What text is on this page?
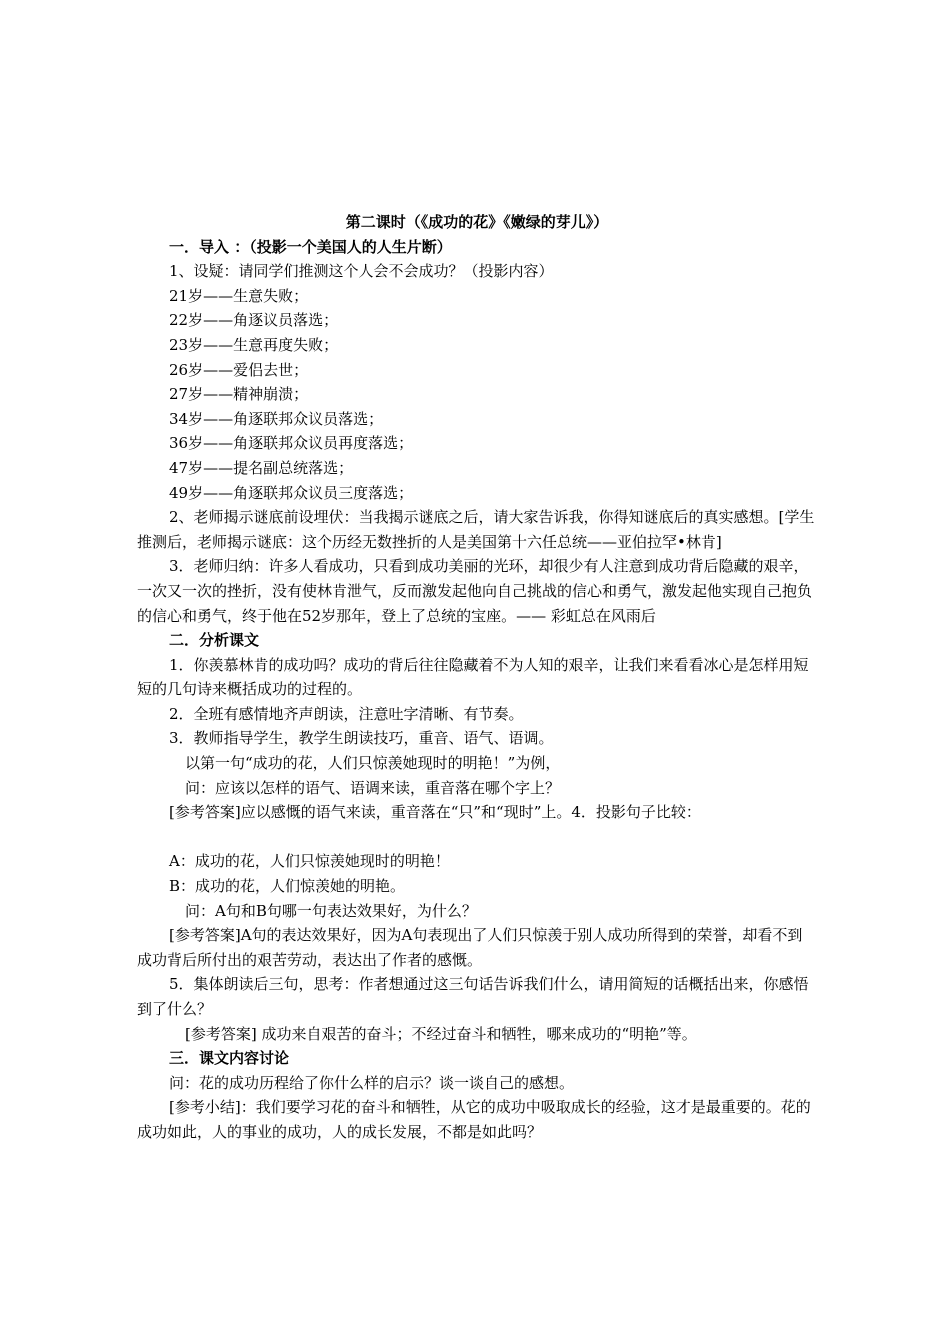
第二课时（《成功的花》《嫩绿的芽儿》）

一．导入 ：（投影一个美国人的人生片断）

1、设疑：请同学们推测这个人会不会成功？（投影内容）

21岁——生意失败；

22岁——角逐议员落选；

23岁——生意再度失败；

26岁——爱侣去世；

27岁——精神崩溃；

34岁——角逐联邦众议员落选；

36岁——角逐联邦众议员再度落选；

47岁——提名副总统落选；

49岁——角逐联邦众议员三度落选；

2、老师揭示谜底前设埋伏：当我揭示谜底之后，请大家告诉我，你得知谜底后的真实感想。[学生推测后，老师揭示谜底：这个历经无数挫折的人是美国第十六任总统——亚伯拉罕•林肯]

3．老师归纳：许多人看成功，只看到成功美丽的光环，却很少有人注意到成功背后隐藏的艰辛，一次又一次的挫折，没有使林肯泄气，反而激发起他向自己挑战的信心和勇气，激发起他实现自己抱负的信心和勇气，终于他在52岁那年，登上了总统的宝座。—— 彩虹总在风雨后

二．分析课文

1．你羡慕林肯的成功吗？成功的背后往往隐藏着不为人知的艰辛，让我们来看看冰心是怎样用短短的几句诗来概括成功的过程的。

2．全班有感情地齐声朗读，注意吐字清晰、有节奏。

3．教师指导学生，教学生朗读技巧，重音、语气、语调。

以第一句“成功的花，人们只惊羡她现时的明艳！”为例，

问：应该以怎样的语气、语调来读，重音落在哪个字上？

[参考答案]应以感慨的语气来读，重音落在“只”和“现时”上。4．投影句子比较：

A：成功的花，人们只惊羡她现时的明艳！

B：成功的花，人们惊羡她的明艳。

问：A句和B句哪一句表达效果好，为什么？

[参考答案]A句的表达效果好，因为A句表现出了人们只惊羡于别人成功所得到的荣誉，却看不到成功背后所付出的艰苦劳动，表达出了作者的感慨。

5．集体朗读后三句，思考：作者想通过这三句话告诉我们什么，请用简短的话概括出来，你感悟到了什么？

[参考答案] 成功来自艰苦的奋斗；不经过奋斗和牺牲，哪来成功的“明艳”等。

三．课文内容讨论

问：花的成功历程给了你什么样的启示？谈一谈自己的感想。

[参考小结]：我们要学习花的奋斗和牺牲，从它的成功中吸取成长的经验，这才是最重要的。花的成功如此，人的事业的成功，人的成长发展，不都是如此吗？
